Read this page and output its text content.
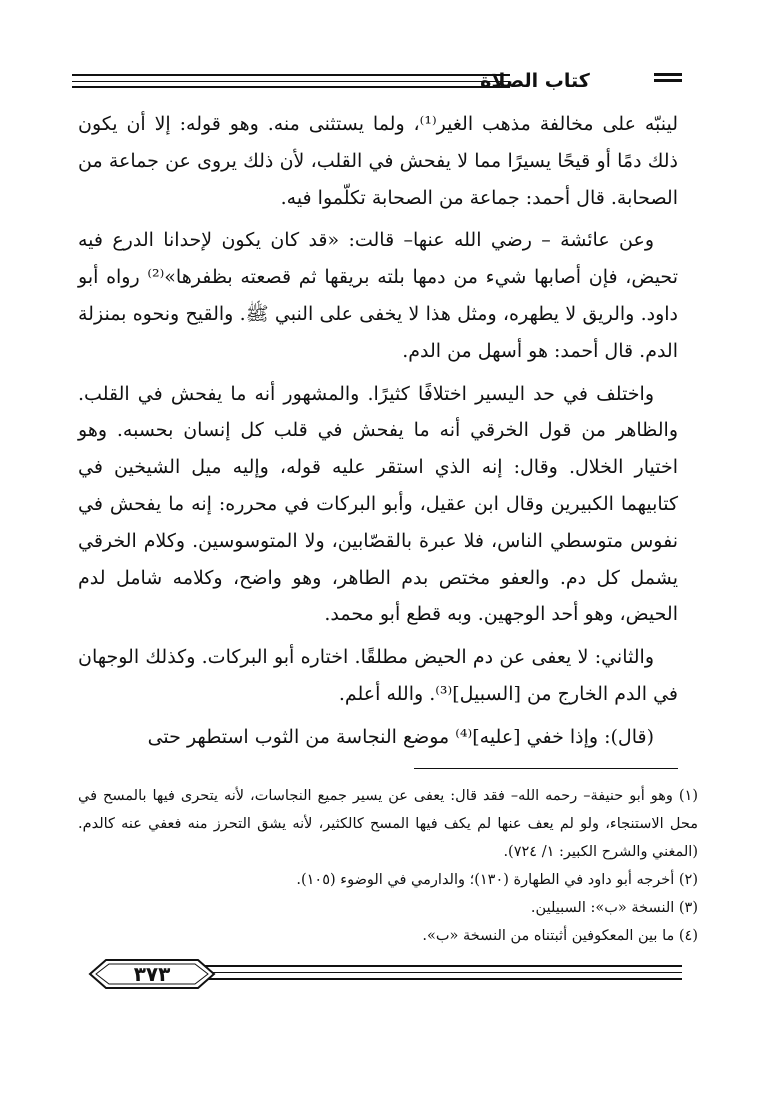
كتاب الصلاة

لينبّه على مخالفة مذهب الغير⁽¹⁾، ولما يستثنى منه. وهو قوله: إلا أن يكون ذلك دمًا أو قيحًا يسيرًا مما لا يفحش في القلب، لأن ذلك يروى عن جماعة من الصحابة. قال أحمد: جماعة من الصحابة تكلّموا فيه.

وعن عائشة – رضي الله عنها– قالت: «قد كان يكون لإحدانا الدرع فيه تحيض، فإن أصابها شيء من دمها بلته بريقها ثم قصعته بظفرها»⁽²⁾ رواه أبو داود. والريق لا يطهره، ومثل هذا لا يخفى على النبي ﷺ. والقيح ونحوه بمنزلة الدم. قال أحمد: هو أسهل من الدم.

واختلف في حد اليسير اختلافًا كثيرًا. والمشهور أنه ما يفحش في القلب. والظاهر من قول الخرقي أنه ما يفحش في قلب كل إنسان بحسبه. وهو اختيار الخلال. وقال: إنه الذي استقر عليه قوله، وإليه ميل الشيخين في كتابيهما الكبيرين وقال ابن عقيل، وأبو البركات في محرره: إنه ما يفحش في نفوس متوسطي الناس، فلا عبرة بالقصّابين، ولا المتوسوسين. وكلام الخرقي يشمل كل دم. والعفو مختص بدم الطاهر، وهو واضح، وكلامه شامل لدم الحيض، وهو أحد الوجهين. وبه قطع أبو محمد.

والثاني: لا يعفى عن دم الحيض مطلقًا. اختاره أبو البركات. وكذلك الوجهان في الدم الخارج من [السبيل]⁽³⁾. والله أعلم.

(قال): وإذا خفي [عليه]⁽⁴⁾ موضع النجاسة من الثوب استطهر حتى

(١) وهو أبو حنيفة– رحمه الله– فقد قال: يعفى عن يسير جميع النجاسات، لأنه يتحرى فيها بالمسح في محل الاستنجاء، ولو لم يعف عنها لم يكف فيها المسح كالكثير، لأنه يشق التحرز منه فعفي عنه كالدم. (المغني والشرح الكبير: ١/ ٧٢٤).

(٢) أخرجه أبو داود في الطهارة (١٣٠)؛ والدارمي في الوضوء (١٠٥).

(٣) النسخة «ب»: السبيلين.

(٤) ما بين المعكوفين أثبتناه من النسخة «ب».

٣٧٣
